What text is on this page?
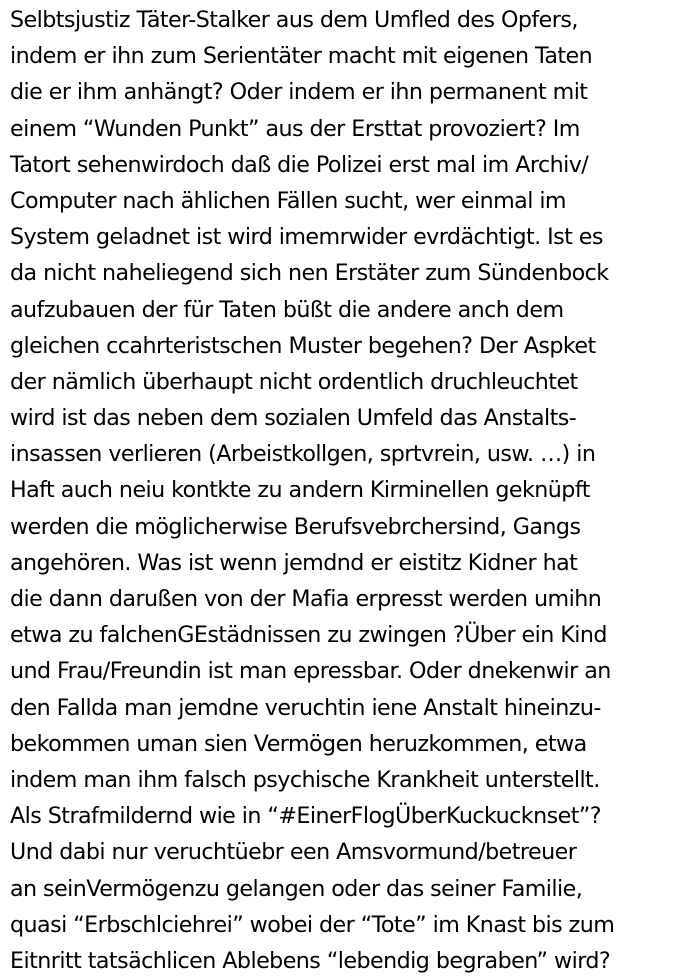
Selbtsjustiz Täter-Stalker aus dem Umfled des Opfers,
indem er ihn zum Serientäter macht mit eigenen Taten
die er ihm anhängt? Oder indem er ihn permanent mit
einem “Wunden Punkt” aus der Ersttat provoziert? Im
Tatort sehenwirdoch daß die Polizei erst mal im Archiv/
Computer nach ählichen Fällen sucht, wer einmal im
System geladnet ist wird imemrwider evrdächtigt. Ist es
da nicht naheliegend sich nen Erstäter zum Sündenbock
aufzubauen der für Taten büßt die andere anch dem
gleichen ccahrteristschen Muster begehen? Der Aspket
der nämlich überhaupt nicht ordentlich druchleuchtet
wird ist das neben dem sozialen Umfeld das Anstalts-
insassen verlieren (Arbeistkollgen, sprtvrein, usw. …) in
Haft auch neiu kontkte zu andern Kirminellen geknüpft
werden die möglicherwise Berufsvebrchersind, Gangs
angehören. Was ist wenn jemdnd er eistitz Kidner hat
die dann darußen von der Mafia erpresst werden umihn
etwa zu falchenGEstädnissen zu zwingen ?Über ein Kind
und Frau/Freundin ist man epressbar. Oder dnekenwir an
den Fallda man jemdne veruchtin iene Anstalt hineinzu-
bekommen uman sien Vermögen heruzkommen, etwa
indem man ihm falsch psychische Krankheit unterstellt.
Als Strafmildernd wie in “#EinerFlogÜberKuckucknset”?
Und dabi nur veruchtüebr een Amsvormund/betreuer
an seinVermögenzu gelangen oder das seiner Familie,
quasi “Erbschlciehrei” wobei der “Tote” im Knast bis zum
Eitnritt tatsächlicen Ablebens “lebendig begraben” wird?
